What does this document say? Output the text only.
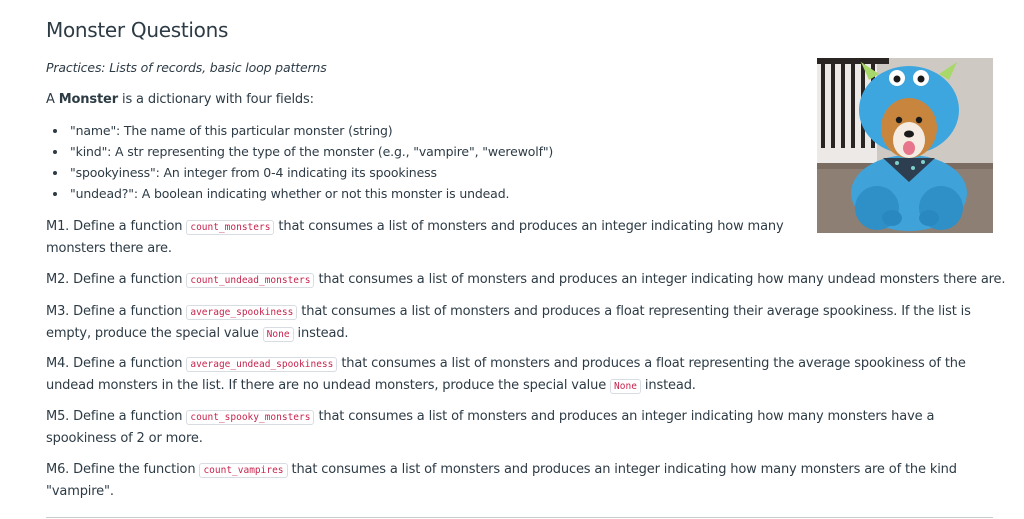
Monster Questions
Practices: Lists of records, basic loop patterns
A Monster is a dictionary with four fields:
• "name": The name of this particular monster (string)
• "kind": A str representing the type of the monster (e.g., "vampire", "werewolf")
• "spookyiness": An integer from 0-4 indicating its spookiness
• "undead?": A boolean indicating whether or not this monster is undead.

M1. Define a function count_monsters that consumes a list of monsters and produces an integer indicating how many monsters there are.

M2. Define a function count_undead_monsters that consumes a list of monsters and produces an integer indicating how many undead monsters there are.

M3. Define a function average_spookiness that consumes a list of monsters and produces a float representing their average spookiness. If the list is empty, produce the special value None instead.

M4. Define a function average_undead_spookiness that consumes a list of monsters and produces a float representing the average spookiness of the undead monsters in the list. If there are no undead monsters, produce the special value None instead.

M5. Define a function count_spooky_monsters that consumes a list of monsters and produces an integer indicating how many monsters have a spookiness of 2 or more.

M6. Define the function count_vampires that consumes a list of monsters and produces an integer indicating how many monsters are of the kind "vampire".
